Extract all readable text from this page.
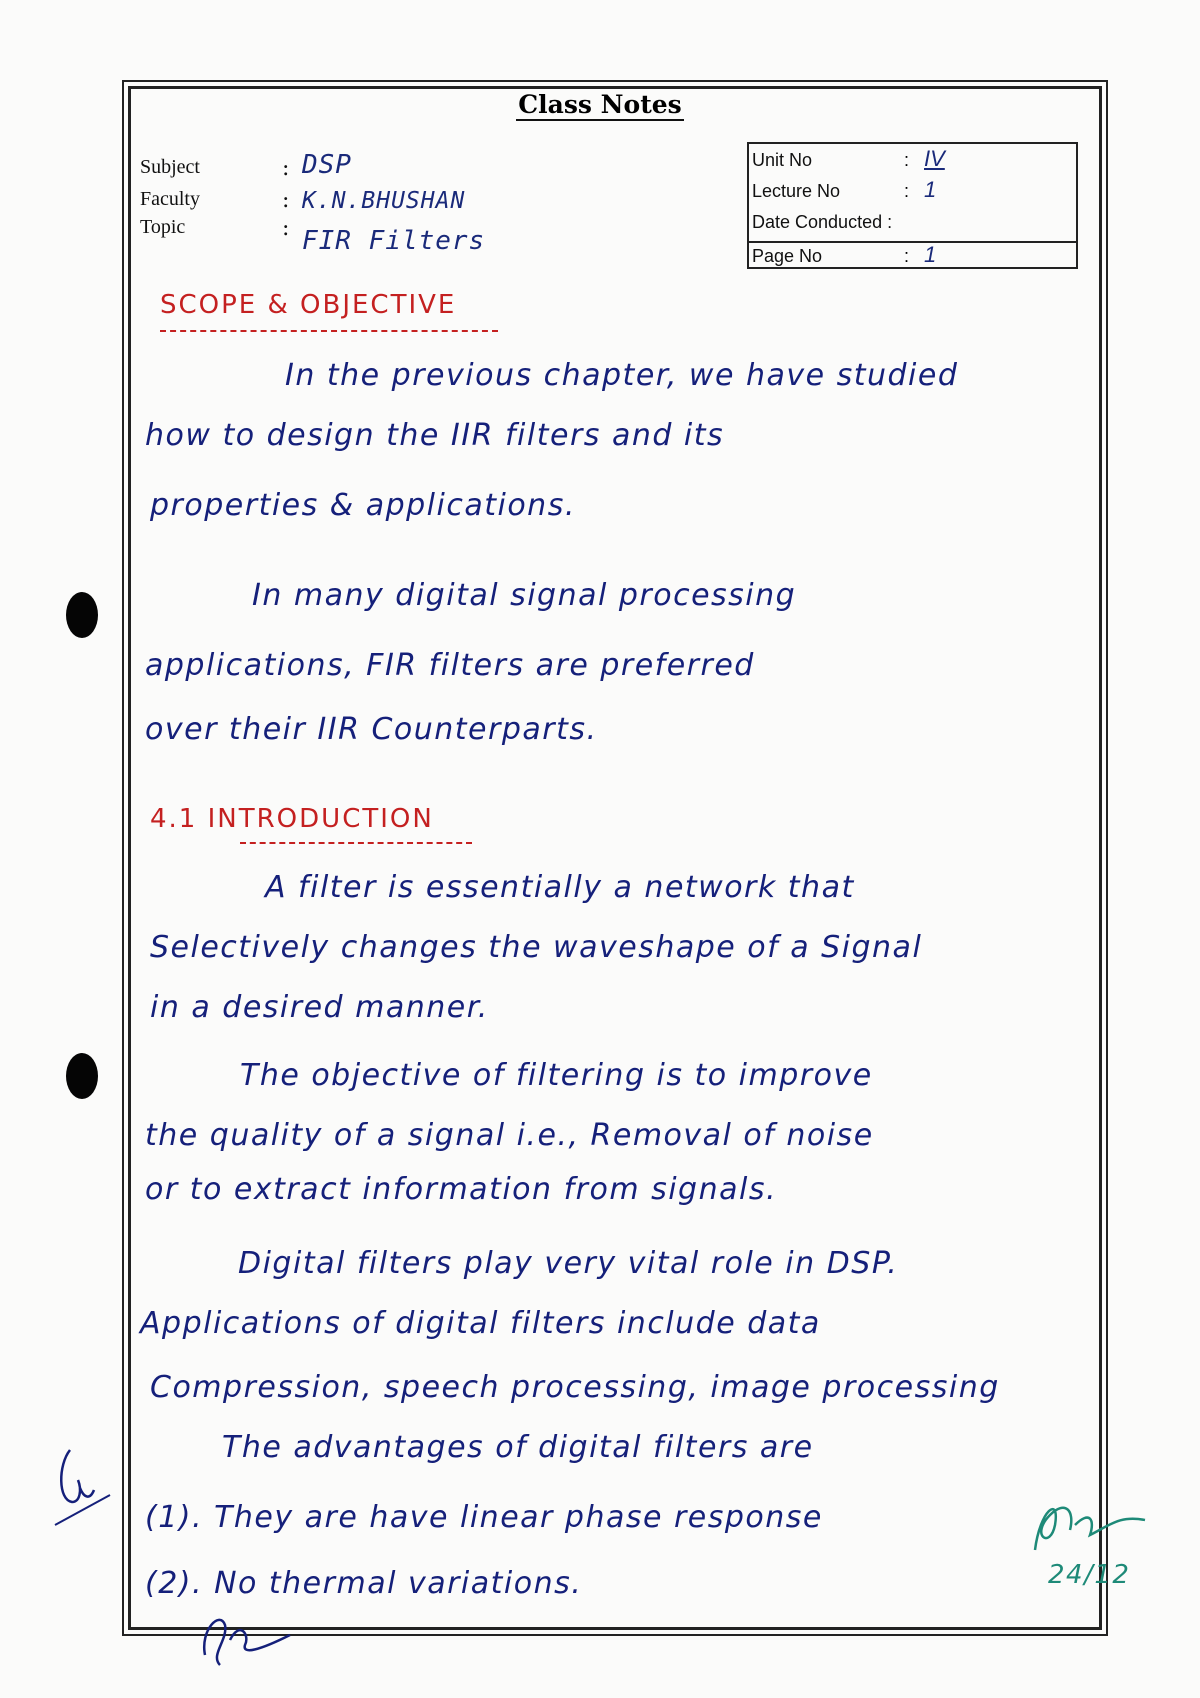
Class Notes
Subject	: DSP
Faculty	: K.N.BHUSHAN
Topic	: FIR Filters
Unit No	: IV
Lecture No	: 1
Date Conducted :
Page No	: 1
SCOPE & OBJECTIVE
In the previous chapter, we have studied
how to design the IIR filters and its
properties & applications.
In many digital signal processing
applications, FIR filters are preferred
over their IIR Counterparts.
4.1 INTRODUCTION
A filter is essentially a network that
Selectively changes the waveshape of a Signal
in a desired manner.
The objective of filtering is to improve
the quality of a signal i.e., Removal of noise
or to extract information from signals.
Digital filters play very vital role in DSP.
Applications of digital filters include data
Compression, speech processing, image processing
The advantages of digital filters are
(1). They are have linear phase response
(2). No thermal variations.	24/12
